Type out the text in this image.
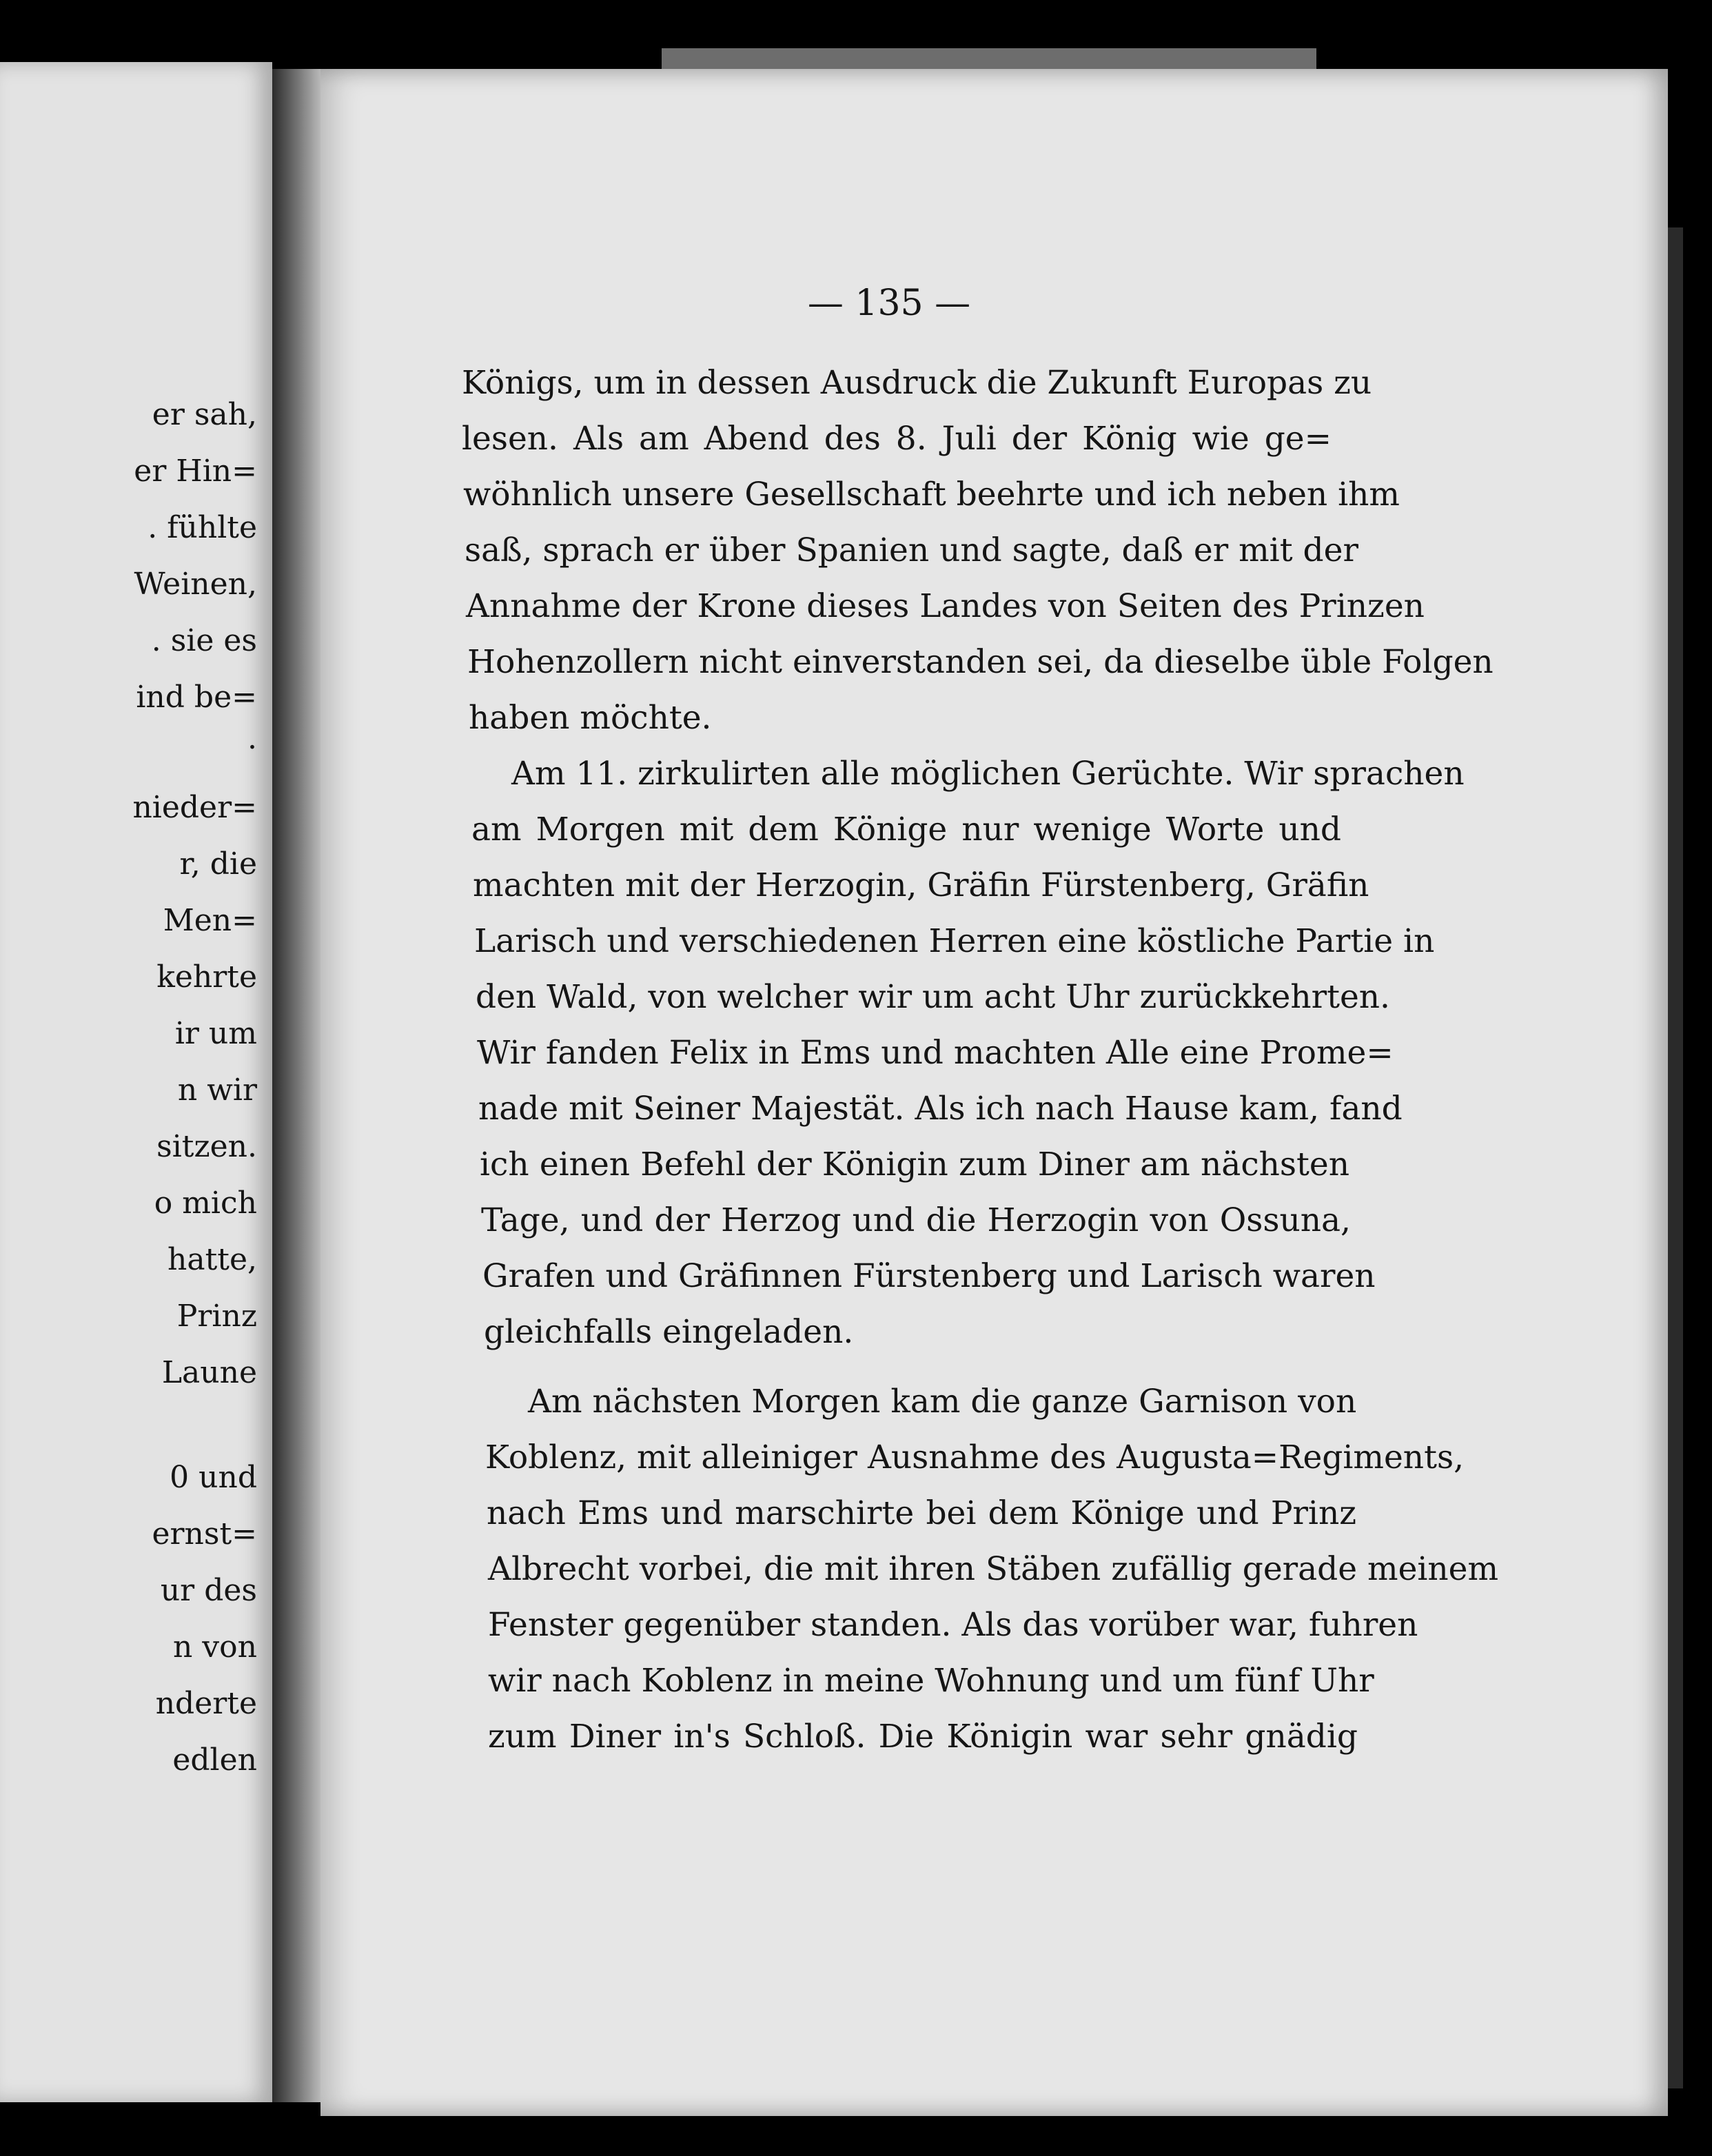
er sah,
er Hin=
. fühlte
Weinen,
. sie es
ind be=
.
nieder=
r, die
Men=
kehrte
ir um
n wir
sitzen.
o mich
hatte,
Prinz
Laune
0 und
ernst=
ur des
n von
nderte
edlen
— 135 —
Königs, um in dessen Ausdruck die Zukunft Europas zu
lesen. Als am Abend des 8. Juli der König wie ge=
wöhnlich unsere Gesellschaft beehrte und ich neben ihm
saß, sprach er über Spanien und sagte, daß er mit der
Annahme der Krone dieses Landes von Seiten des Prinzen
Hohenzollern nicht einverstanden sei, da dieselbe üble Folgen
haben möchte.
Am 11. zirkulirten alle möglichen Gerüchte. Wir sprachen
am Morgen mit dem Könige nur wenige Worte und
machten mit der Herzogin, Gräfin Fürstenberg, Gräfin
Larisch und verschiedenen Herren eine köstliche Partie in
den Wald, von welcher wir um acht Uhr zurückkehrten.
Wir fanden Felix in Ems und machten Alle eine Prome=
nade mit Seiner Majestät. Als ich nach Hause kam, fand
ich einen Befehl der Königin zum Diner am nächsten
Tage, und der Herzog und die Herzogin von Ossuna,
Grafen und Gräfinnen Fürstenberg und Larisch waren
gleichfalls eingeladen.
Am nächsten Morgen kam die ganze Garnison von
Koblenz, mit alleiniger Ausnahme des Augusta=Regiments,
nach Ems und marschirte bei dem Könige und Prinz
Albrecht vorbei, die mit ihren Stäben zufällig gerade meinem
Fenster gegenüber standen. Als das vorüber war, fuhren
wir nach Koblenz in meine Wohnung und um fünf Uhr
zum Diner in's Schloß. Die Königin war sehr gnädig
